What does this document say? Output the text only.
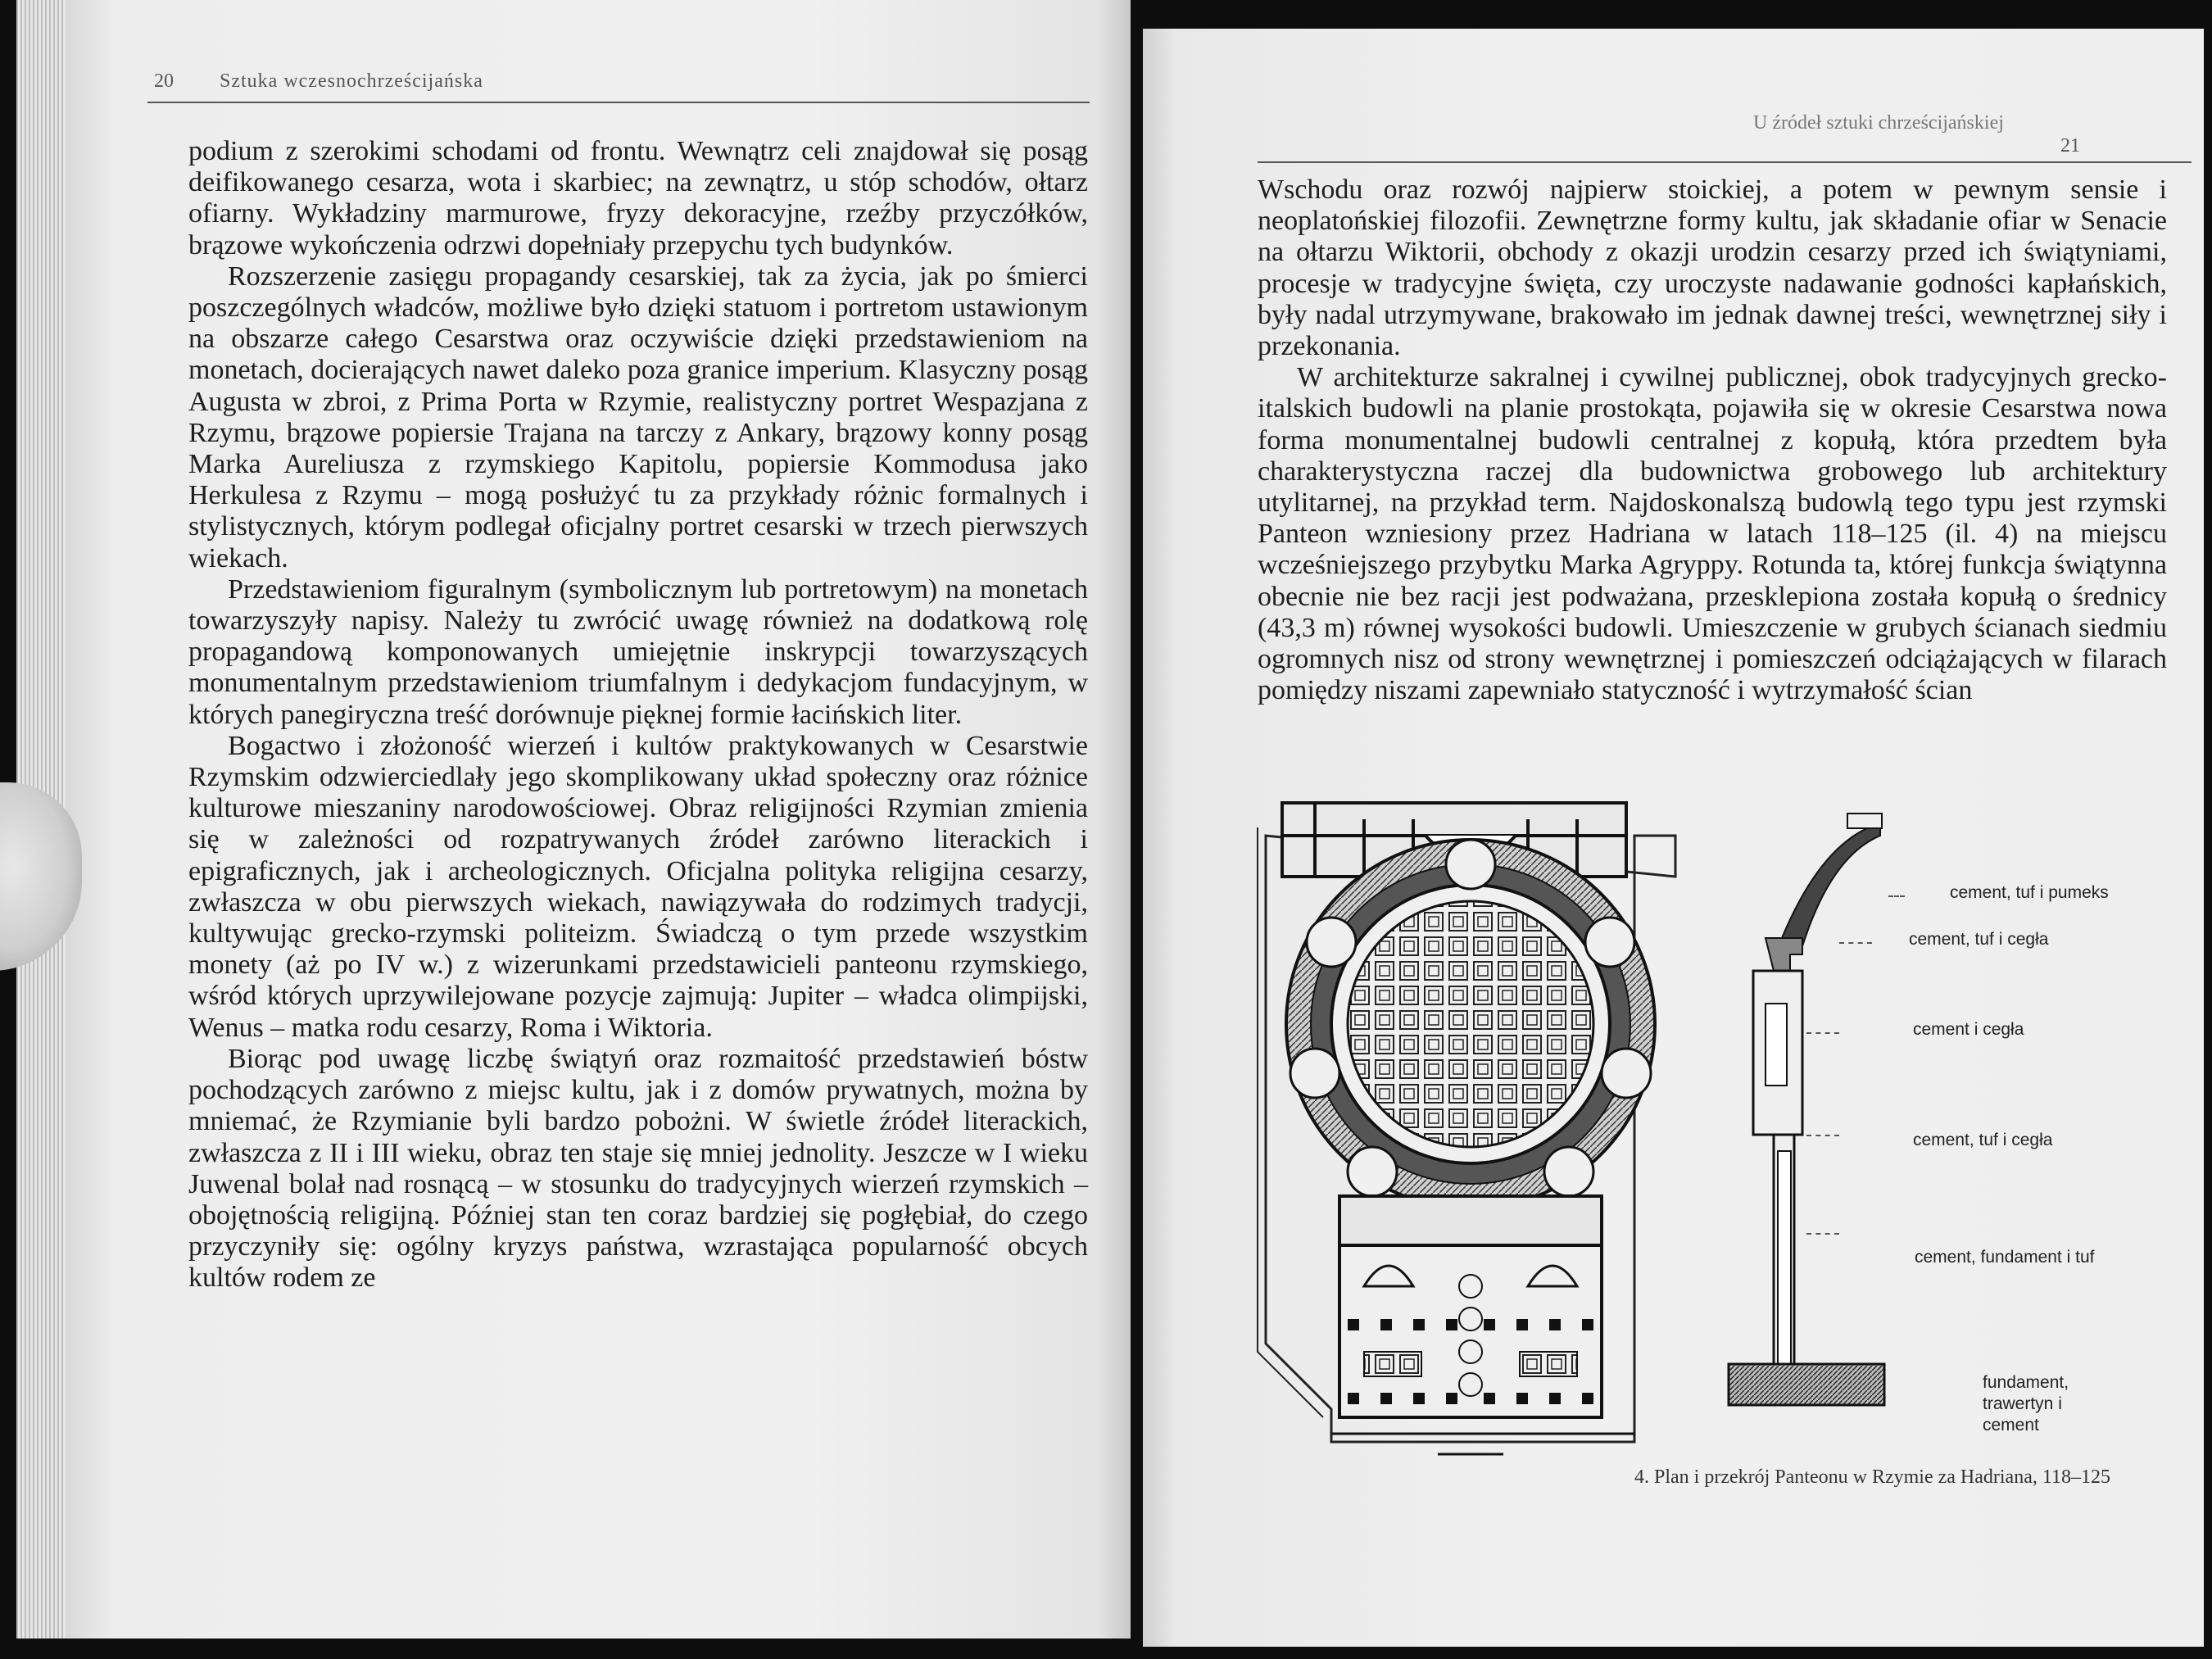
20 Sztuka wczesnochrześcijańska

podium z szerokimi schodami od frontu. Wewnątrz celi znajdował się posąg deifikowanego cesarza, wota i skarbiec; na zewnątrz, u stóp schodów, ołtarz ofiarny. Wykładziny marmurowe, fryzy dekoracyjne, rzeźby przyczółków, brązowe wykończenia odrzwi dopełniały przepychu tych budynków.

Rozszerzenie zasięgu propagandy cesarskiej, tak za życia, jak po śmierci poszczególnych władców, możliwe było dzięki statuom i portretom ustawionym na obszarze całego Cesarstwa oraz oczywiście dzięki przedstawieniom na monetach, docierających nawet daleko poza granice imperium. Klasyczny posąg Augusta w zbroi, z Prima Porta w Rzymie, realistyczny portret Wespazjana z Rzymu, brązowe popiersie Trajana na tarczy z Ankary, brązowy konny posąg Marka Aureliusza z rzymskiego Kapitolu, popiersie Kommodusa jako Herkulesa z Rzymu – mogą posłużyć tu za przykłady różnic formalnych i stylistycznych, którym podlegał oficjalny portret cesarski w trzech pierwszych wiekach.

Przedstawieniom figuralnym (symbolicznym lub portretowym) na monetach towarzyszyły napisy. Należy tu zwrócić uwagę również na dodatkową rolę propagandową komponowanych umiejętnie inskrypcji towarzyszących monumentalnym przedstawieniom triumfalnym i dedykacjom fundacyjnym, w których panegiryczna treść dorównuje pięknej formie łacińskich liter.

Bogactwo i złożoność wierzeń i kultów praktykowanych w Cesarstwie Rzymskim odzwierciedlały jego skomplikowany układ społeczny oraz różnice kulturowe mieszaniny narodowościowej. Obraz religijności Rzymian zmienia się w zależności od rozpatrywanych źródeł zarówno literackich i epigraficznych, jak i archeologicznych. Oficjalna polityka religijna cesarzy, zwłaszcza w obu pierwszych wiekach, nawiązywała do rodzimych tradycji, kultywując grecko-rzymski politeizm. Świadczą o tym przede wszystkim monety (aż po IV w.) z wizerunkami przedstawicieli panteonu rzymskiego, wśród których uprzywilejowane pozycje zajmują: Jupiter – władca olimpijski, Wenus – matka rodu cesarzy, Roma i Wiktoria.

Biorąc pod uwagę liczbę świątyń oraz rozmaitość przedstawień bóstw pochodzących zarówno z miejsc kultu, jak i z domów prywatnych, można by mniemać, że Rzymianie byli bardzo pobożni. W świetle źródeł literackich, zwłaszcza z II i III wieku, obraz ten staje się mniej jednolity. Jeszcze w I wieku Juwenal bolał nad rosnącą – w stosunku do tradycyjnych wierzeń rzymskich – obojętnością religijną. Później stan ten coraz bardziej się pogłębiał, do czego przyczyniły się: ogólny kryzys państwa, wzrastająca popularność obcych kultów rodem ze

U źródeł sztuki chrześcijańskiej
21

Wschodu oraz rozwój najpierw stoickiej, a potem w pewnym sensie i neoplatońskiej filozofii. Zewnętrzne formy kultu, jak składanie ofiar w Senacie na ołtarzu Wiktorii, obchody z okazji urodzin cesarzy przed ich świątyniami, procesje w tradycyjne święta, czy uroczyste nadawanie godności kapłańskich, były nadal utrzymywane, brakowało im jednak dawnej treści, wewnętrznej siły i przekonania.

W architekturze sakralnej i cywilnej publicznej, obok tradycyjnych grecko-italskich budowli na planie prostokąta, pojawiła się w okresie Cesarstwa nowa forma monumentalnej budowli centralnej z kopułą, która przedtem była charakterystyczna raczej dla budownictwa grobowego lub architektury utylitarnej, na przykład term. Najdoskonalszą budowlą tego typu jest rzymski Panteon wzniesiony przez Hadriana w latach 118–125 (il. 4) na miejscu wcześniejszego przybytku Marka Agryppy. Rotunda ta, której funkcja świątynna obecnie nie bez racji jest podważana, przesklepiona została kopułą o średnicy (43,3 m) równej wysokości budowli. Umieszczenie w grubych ścianach siedmiu ogromnych nisz od strony wewnętrznej i pomieszczeń odciążających w filarach pomiędzy niszami zapewniało statyczność i wytrzymałość ścian

cement, tuf i pumeks
cement, tuf i cegła
cement i cegła
cement, tuf i cegła
cement, fundament i tuf
fundament, trawertyn i cement
4. Plan i przekrój Panteonu w Rzymie za Hadriana, 118–125
